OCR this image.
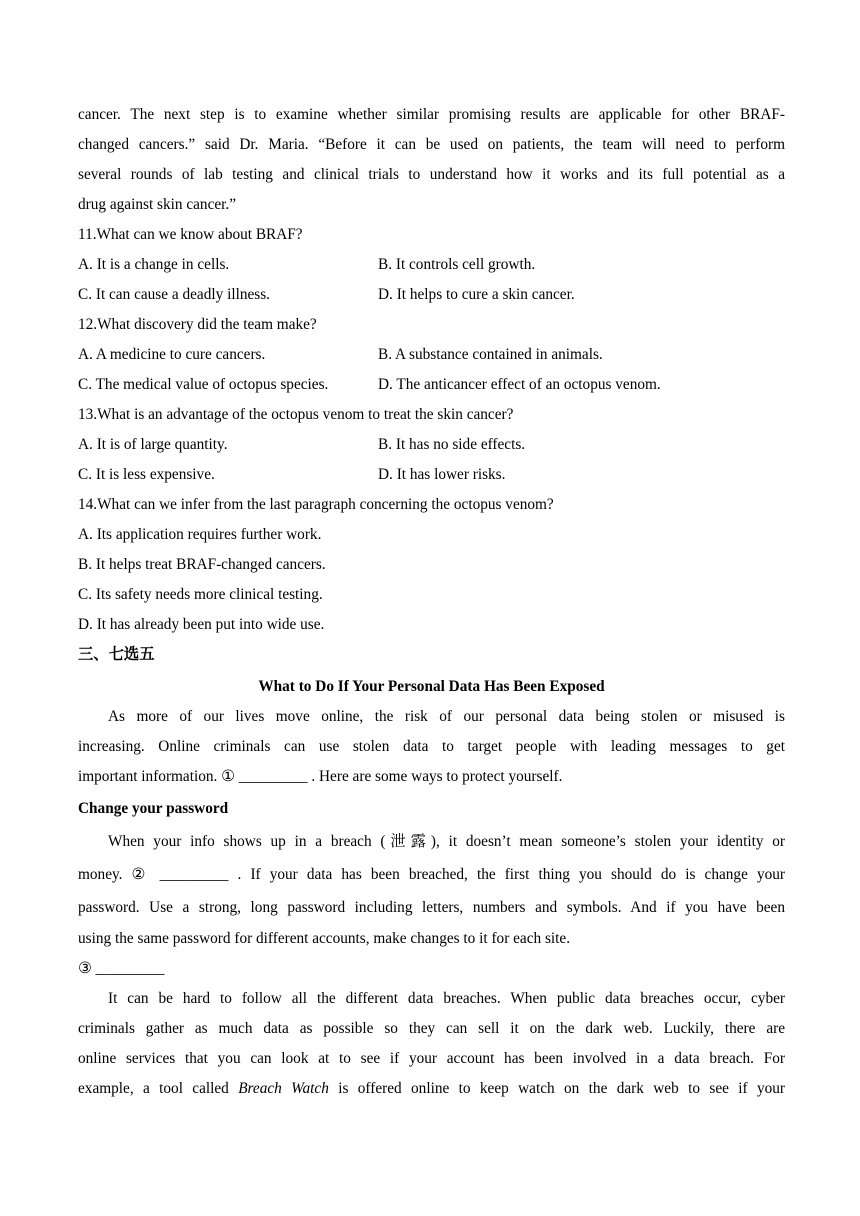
cancer. The next step is to examine whether similar promising results are applicable for other BRAF-
changed cancers.” said Dr. Maria. “Before it can be used on patients, the team will need to perform
several rounds of lab testing and clinical trials to understand how it works and its full potential as a
drug against skin cancer.”
11.What can we know about BRAF?
A. It is a change in cells.	B. It controls cell growth.
C. It can cause a deadly illness.	D. It helps to cure a skin cancer.
12.What discovery did the team make?
A. A medicine to cure cancers.	B. A substance contained in animals.
C. The medical value of octopus species.	D. The anticancer effect of an octopus venom.
13.What is an advantage of the octopus venom to treat the skin cancer?
A. It is of large quantity.	B. It has no side effects.
C. It is less expensive.	D. It has lower risks.
14.What can we infer from the last paragraph concerning the octopus venom?
A. Its application requires further work.
B. It helps treat BRAF-changed cancers.
C. Its safety needs more clinical testing.
D. It has already been put into wide use.
三、七选五
What to Do If Your Personal Data Has Been Exposed
As more of our lives move online, the risk of our personal data being stolen or misused is
increasing. Online criminals can use stolen data to target people with leading messages to get
important information. ① _________ . Here are some ways to protect yourself.
Change your password
When your info shows up in a breach (泄露), it doesn’t mean someone’s stolen your identity or
money. ② _________ . If your data has been breached, the first thing you should do is change your
password. Use a strong, long password including letters, numbers and symbols. And if you have been
using the same password for different accounts, make changes to it for each site.
③ _________
It can be hard to follow all the different data breaches. When public data breaches occur, cyber
criminals gather as much data as possible so they can sell it on the dark web. Luckily, there are
online services that you can look at to see if your account has been involved in a data breach. For
example, a tool called Breach Watch is offered online to keep watch on the dark web to see if your
